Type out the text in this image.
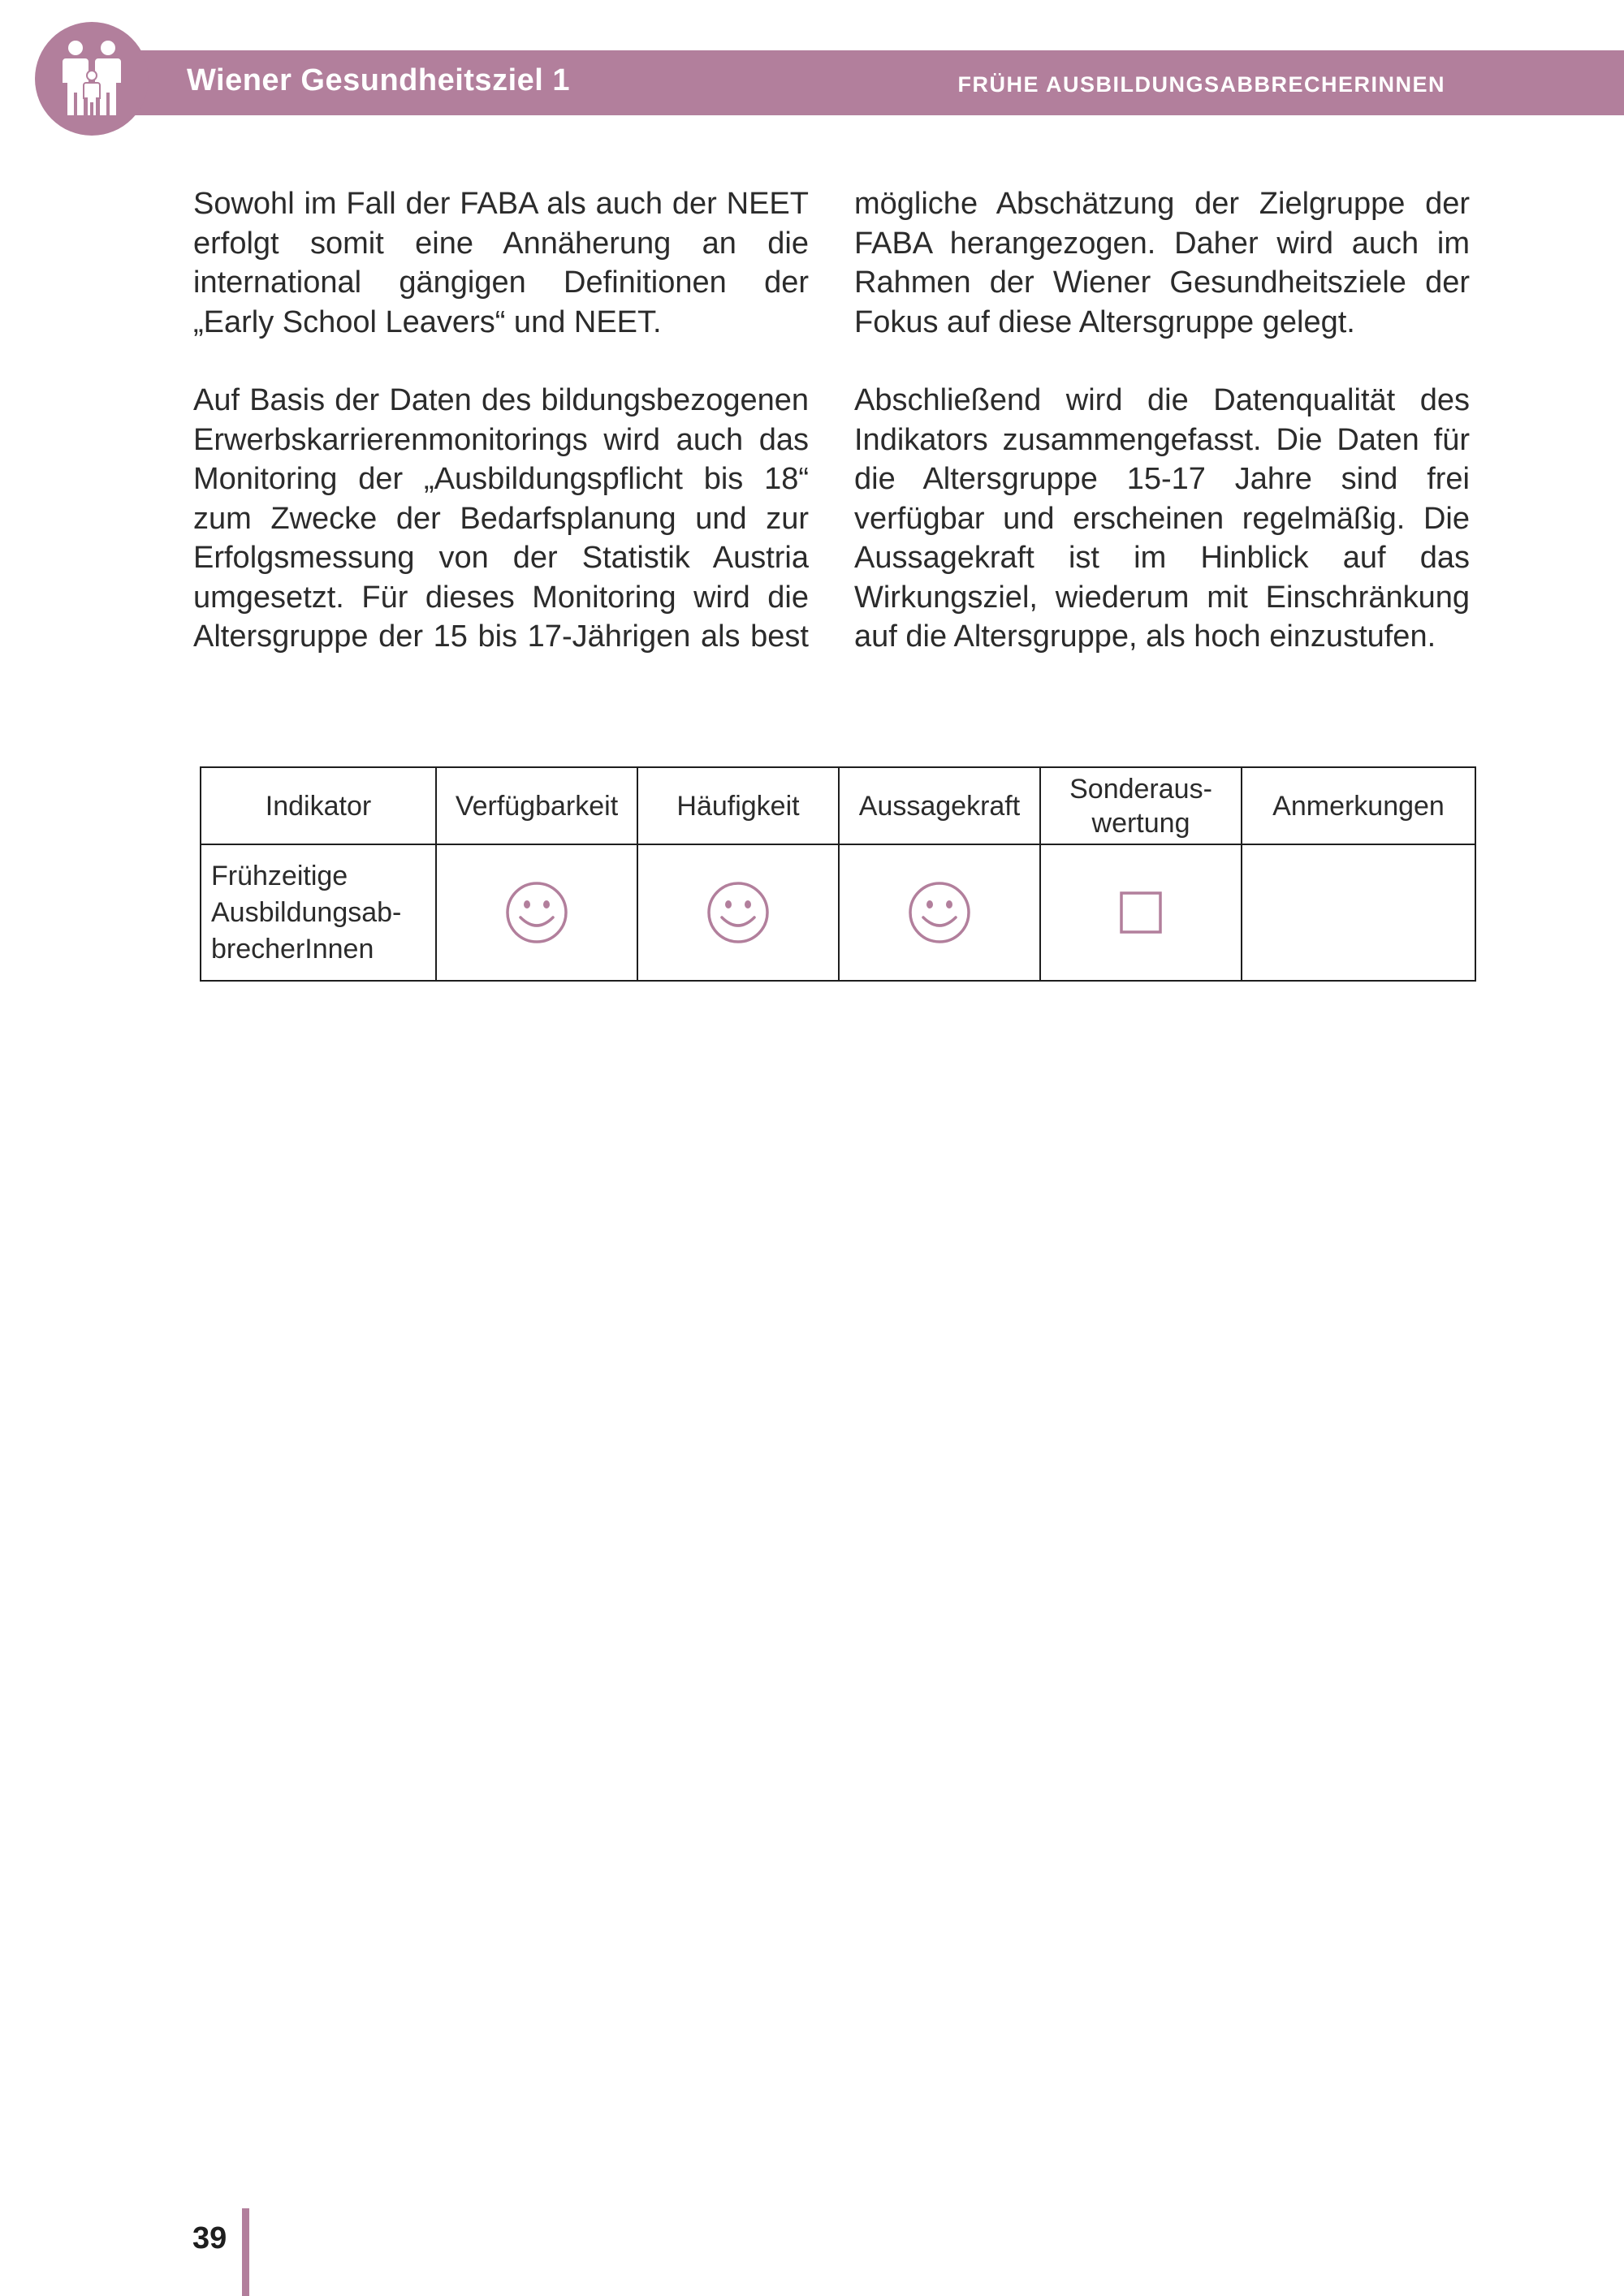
Wiener Gesundheitsziel 1	FRÜHE AUSBILDUNGSABBRECHERINNEN

Sowohl im Fall der FABA als auch der NEET erfolgt somit eine Annäherung an die international gängigen Definitionen der „Early School Leavers“ und NEET.

Auf Basis der Daten des bildungsbezogenen Erwerbskarrierenmonitorings wird auch das Monitoring der „Ausbildungspflicht bis 18“ zum Zwecke der Bedarfsplanung und zur Erfolgsmessung von der Statistik Austria umgesetzt. Für dieses Monitoring wird die Altersgruppe der 15 bis 17-Jährigen als best

mögliche Abschätzung der Zielgruppe der FABA herangezogen. Daher wird auch im Rahmen der Wiener Gesundheitsziele der Fokus auf diese Altersgruppe gelegt.

Abschließend wird die Datenqualität des Indikators zusammengefasst. Die Daten für die Altersgruppe 15-17 Jahre sind frei verfügbar und erscheinen regelmäßig. Die Aussagekraft ist im Hinblick auf das Wirkungsziel, wiederum mit Einschränkung auf die Altersgruppe, als hoch einzustufen.

Indikator	Verfügbarkeit	Häufigkeit	Aussagekraft	Sonderaus-wertung	Anmerkungen
Frühzeitige Ausbildungsab-brecherInnen					
39
